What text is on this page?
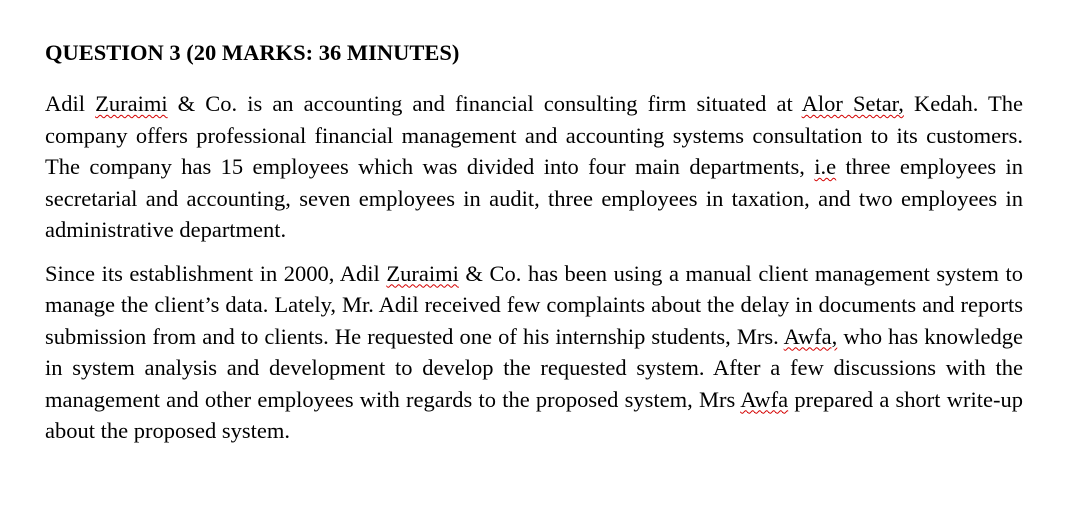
QUESTION 3 (20 MARKS: 36 MINUTES)

Adil Zuraimi & Co. is an accounting and financial consulting firm situated at Alor Setar, Kedah. The company offers professional financial management and accounting systems consultation to its customers. The company has 15 employees which was divided into four main departments, i.e three employees in secretarial and accounting, seven employees in audit, three employees in taxation, and two employees in administrative department.

Since its establishment in 2000, Adil Zuraimi & Co. has been using a manual client management system to manage the client’s data. Lately, Mr. Adil received few complaints about the delay in documents and reports submission from and to clients. He requested one of his internship students, Mrs. Awfa, who has knowledge in system analysis and development to develop the requested system. After a few discussions with the management and other employees with regards to the proposed system, Mrs Awfa prepared a short write-up about the proposed system.
